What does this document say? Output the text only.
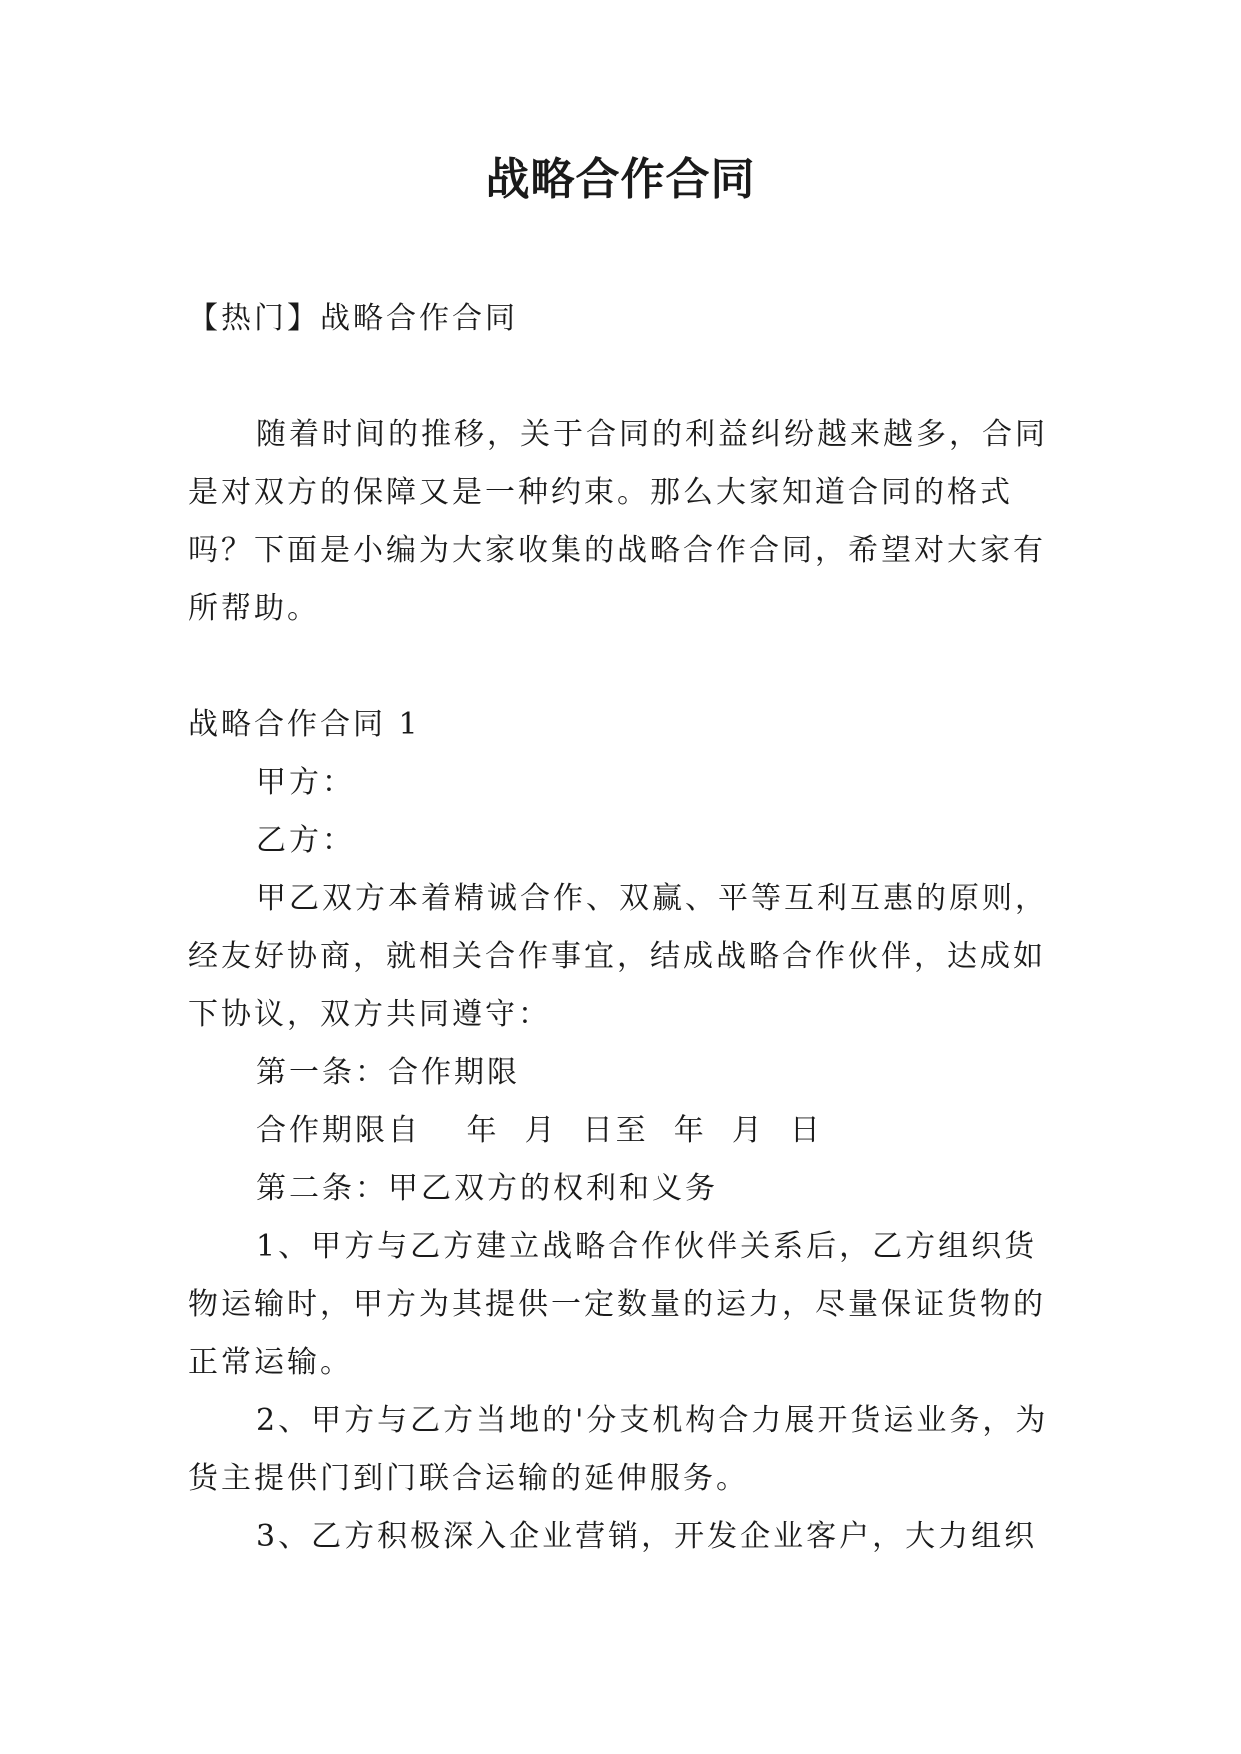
战略合作合同

【热门】战略合作合同

随着时间的推移，关于合同的利益纠纷越来越多，合同是对双方的保障又是一种约束。那么大家知道合同的格式吗？下面是小编为大家收集的战略合作合同，希望对大家有所帮助。

战略合作合同 1

甲方：

乙方：

甲乙双方本着精诚合作、双赢、平等互利互惠的原则，经友好协商，就相关合作事宜，结成战略合作伙伴，达成如下协议，双方共同遵守：

第一条：合作期限

合作期限自　 年  月  日至  年  月  日

第二条：甲乙双方的权利和义务

1、甲方与乙方建立战略合作伙伴关系后，乙方组织货物运输时，甲方为其提供一定数量的运力，尽量保证货物的正常运输。

2、甲方与乙方当地的'分支机构合力展开货运业务，为货主提供门到门联合运输的延伸服务。

3、乙方积极深入企业营销，开发企业客户，大力组织
